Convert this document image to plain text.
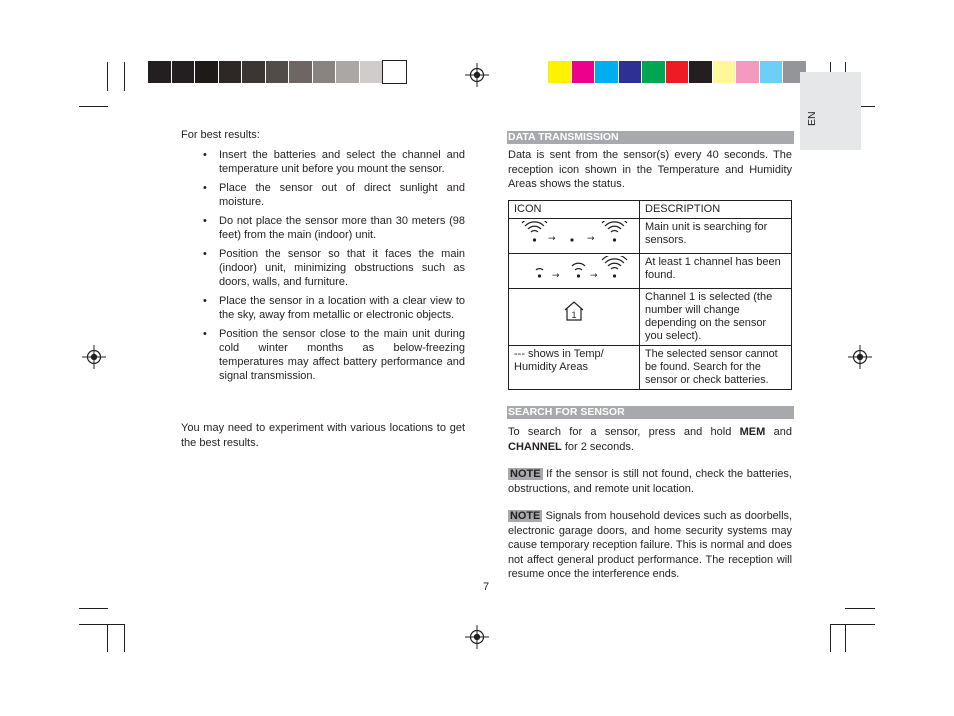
EN
For best results:
• Insert the batteries and select the channel and temperature unit before you mount the sensor.
• Place the sensor out of direct sunlight and moisture.
• Do not place the sensor more than 30 meters (98 feet) from the main (indoor) unit.
• Position the sensor so that it faces the main (indoor) unit, minimizing obstructions such as doors, walls, and furniture.
• Place the sensor in a location with a clear view to the sky, away from metallic or electronic objects.
• Position the sensor close to the main unit during cold winter months as below-freezing temperatures may affect battery performance and signal transmission.
You may need to experiment with various locations to get the best results.
DATA TRANSMISSION
Data is sent from the sensor(s) every 40 seconds. The reception icon shown in the Temperature and Humidity Areas shows the status.
ICON	DESCRIPTION

→ →	Main unit is searching for sensors.

→ →	At least 1 channel has been found.

1	Channel 1 is selected (the number will change depending on the sensor you select).
--- shows in Temp/ Humidity Areas	The selected sensor cannot be found. Search for the sensor or check batteries.
SEARCH FOR SENSOR
To search for a sensor, press and hold MEM and CHANNEL for 2 seconds.
NOTE If the sensor is still not found, check the batteries, obstructions, and remote unit location.
NOTE Signals from household devices such as doorbells, electronic garage doors, and home security systems may cause temporary reception failure. This is normal and does not affect general product performance. The reception will resume once the interference ends.
7
